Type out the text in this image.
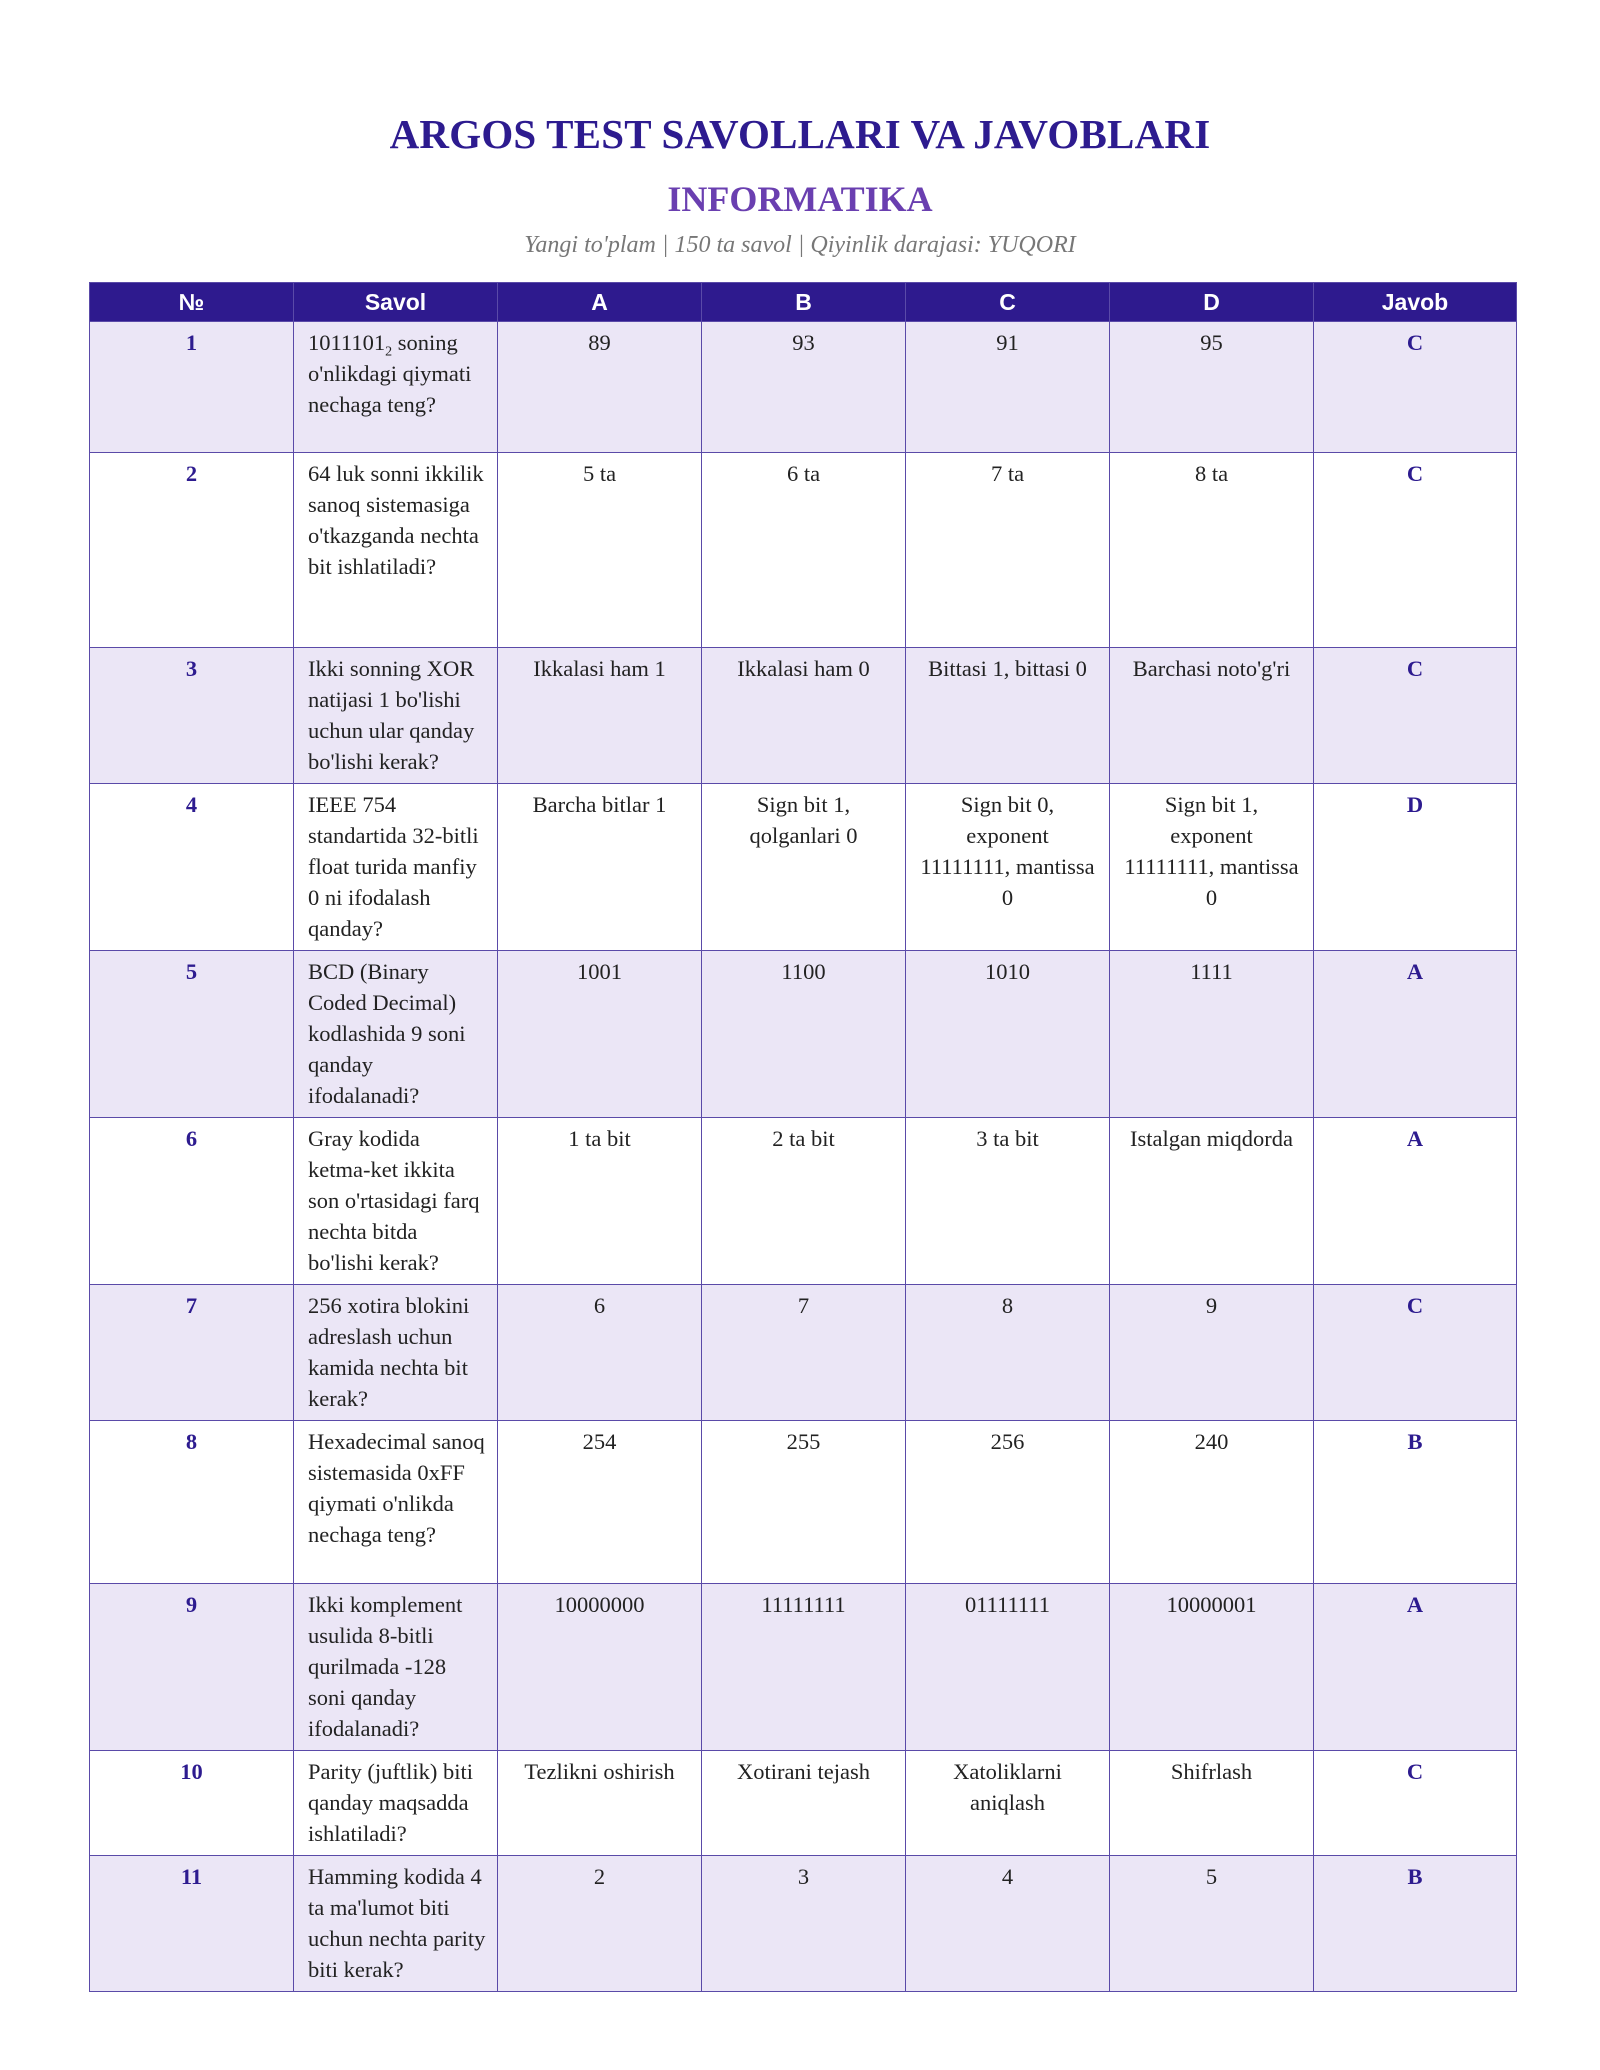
ARGOS TEST SAVOLLARI VA JAVOBLARI
INFORMATIKA
Yangi to'plam | 150 ta savol | Qiyinlik darajasi: YUQORI
№	Savol	A	B	C	D	Javob
1	$1011101_2$ soning o'nlikdagi qiymati nechaga teng?	89	93	91	95	C
2	64 luk sonni ikkilik sanoq sistemasiga o'tkazganda nechta bit ishlatiladi?	5 ta	6 ta	7 ta	8 ta	C
3	Ikki sonning XOR natijasi 1 bo'lishi uchun ular qanday bo'lishi kerak?	Ikkalasi ham 1	Ikkalasi ham 0	Bittasi 1, bittasi 0	Barchasi noto'g'ri	C
4	IEEE 754 standartida 32-bitli float turida manfiy 0 ni ifodalash qanday?	Barcha bitlar 1	Sign bit 1, qolganlari 0	Sign bit 0, exponent 11111111, mantissa 0	Sign bit 1, exponent 11111111, mantissa 0	D
5	BCD (Binary Coded Decimal) kodlashida 9 soni qanday ifodalanadi?	1001	1100	1010	1111	A
6	Gray kodida ketma-ket ikkita son o'rtasidagi farq nechta bitda bo'lishi kerak?	1 ta bit	2 ta bit	3 ta bit	Istalgan miqdorda	A
7	256 xotira blokini adreslash uchun kamida nechta bit kerak?	6	7	8	9	C
8	Hexadecimal sanoq sistemasida 0xFF qiymati o'nlikda nechaga teng?	254	255	256	240	B
9	Ikki komplement usulida 8-bitli qurilmada -128 soni qanday ifodalanadi?	10000000	11111111	01111111	10000001	A
10	Parity (juftlik) biti qanday maqsadda ishlatiladi?	Tezlikni oshirish	Xotirani tejash	Xatoliklarni aniqlash	Shifrlash	C
11	Hamming kodida 4 ta ma'lumot biti uchun nechta parity biti kerak?	2	3	4	5	B
